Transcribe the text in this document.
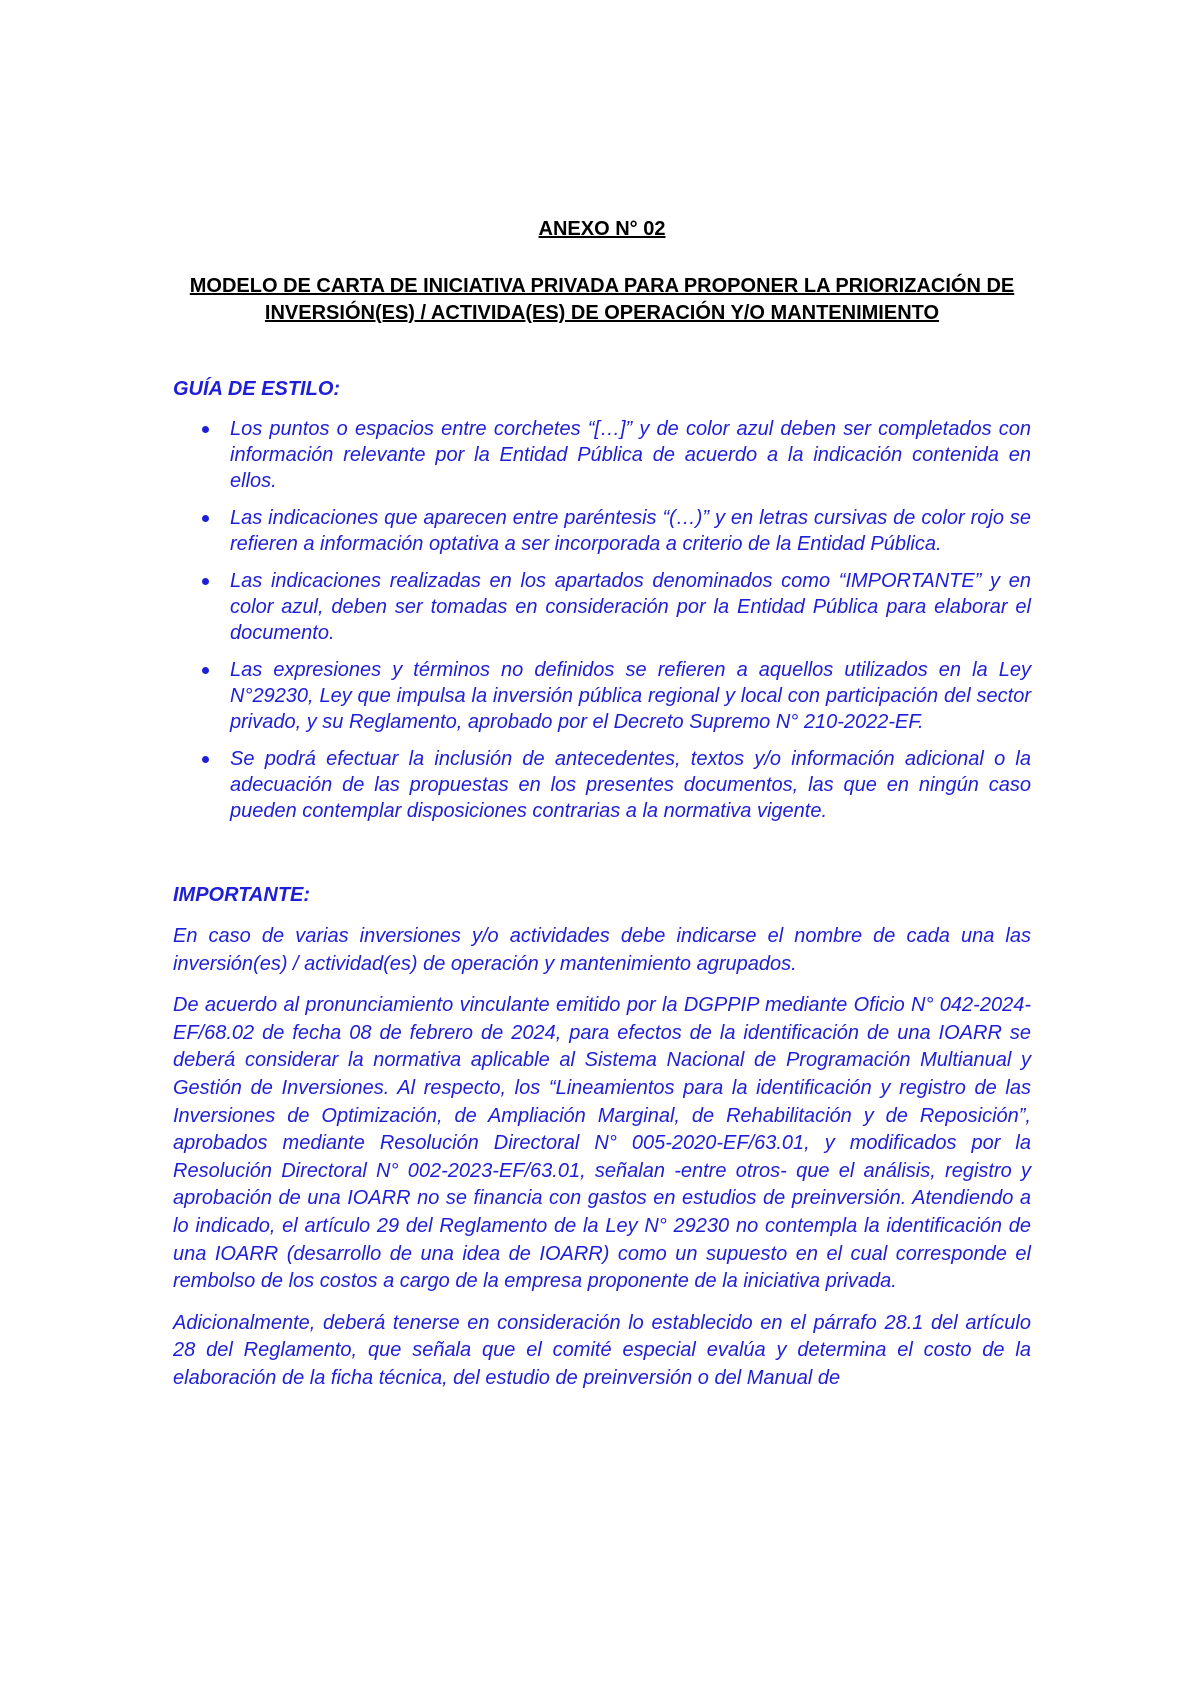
ANEXO N° 02

MODELO DE CARTA DE INICIATIVA PRIVADA PARA PROPONER LA PRIORIZACIÓN DE INVERSIÓN(ES) / ACTIVIDA(ES) DE OPERACIÓN Y/O MANTENIMIENTO

GUÍA DE ESTILO:

Los puntos o espacios entre corchetes “[…]” y de color azul deben ser completados con información relevante por la Entidad Pública de acuerdo a la indicación contenida en ellos.
Las indicaciones que aparecen entre paréntesis “(…)” y en letras cursivas de color rojo se refieren a información optativa a ser incorporada a criterio de la Entidad Pública.
Las indicaciones realizadas en los apartados denominados como “IMPORTANTE” y en color azul, deben ser tomadas en consideración por la Entidad Pública para elaborar el documento.
Las expresiones y términos no definidos se refieren a aquellos utilizados en la Ley N°29230, Ley que impulsa la inversión pública regional y local con participación del sector privado, y su Reglamento, aprobado por el Decreto Supremo N° 210-2022-EF.
Se podrá efectuar la inclusión de antecedentes, textos y/o información adicional o la adecuación de las propuestas en los presentes documentos, las que en ningún caso pueden contemplar disposiciones contrarias a la normativa vigente.

IMPORTANTE:

En caso de varias inversiones y/o actividades debe indicarse el nombre de cada una las inversión(es) / actividad(es) de operación y mantenimiento agrupados.

De acuerdo al pronunciamiento vinculante emitido por la DGPPIP mediante Oficio N° 042-2024-EF/68.02 de fecha 08 de febrero de 2024, para efectos de la identificación de una IOARR se deberá considerar la normativa aplicable al Sistema Nacional de Programación Multianual y Gestión de Inversiones. Al respecto, los “Lineamientos para la identificación y registro de las Inversiones de Optimización, de Ampliación Marginal, de Rehabilitación y de Reposición”, aprobados mediante Resolución Directoral N° 005-2020-EF/63.01, y modificados por la Resolución Directoral N° 002-2023-EF/63.01, señalan -entre otros- que el análisis, registro y aprobación de una IOARR no se financia con gastos en estudios de preinversión. Atendiendo a lo indicado, el artículo 29 del Reglamento de la Ley N° 29230 no contempla la identificación de una IOARR (desarrollo de una idea de IOARR) como un supuesto en el cual corresponde el rembolso de los costos a cargo de la empresa proponente de la iniciativa privada.

Adicionalmente, deberá tenerse en consideración lo establecido en el párrafo 28.1 del artículo 28 del Reglamento, que señala que el comité especial evalúa y determina el costo de la elaboración de la ficha técnica, del estudio de preinversión o del Manual de
